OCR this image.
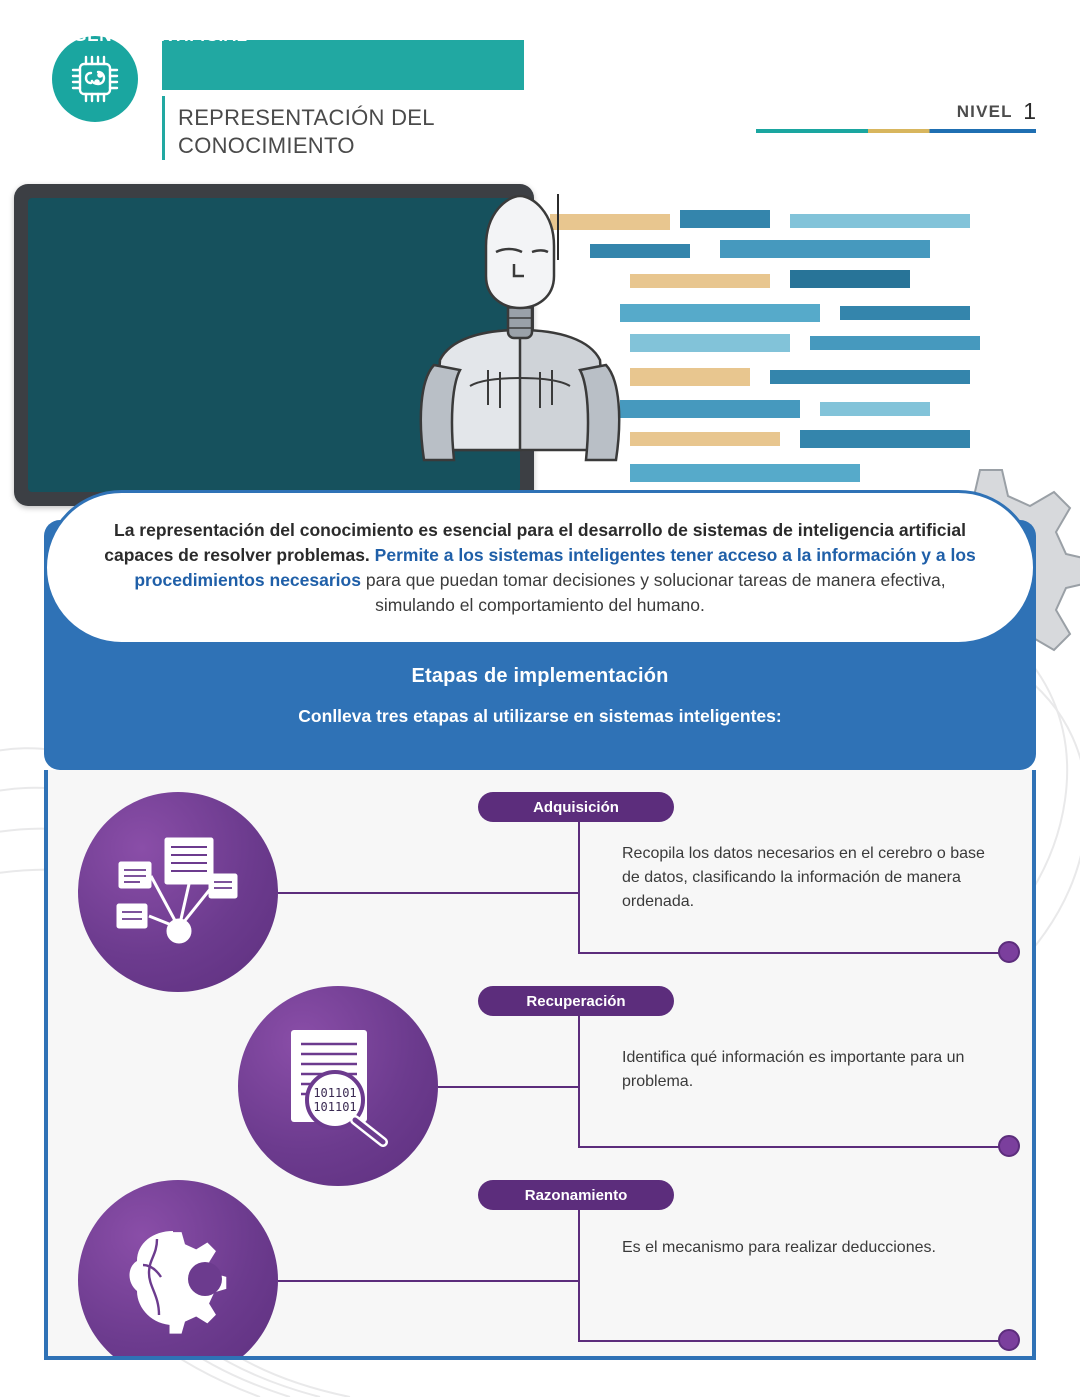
FUNDAMENTOS DE
INTELIGENCIA ARTIFICIAL
REPRESENTACIÓN DEL
CONOCIMIENTO
NIVEL 1

La representación del conocimiento es esencial para el desarrollo de sistemas de inteligencia artificial capaces de resolver problemas. Permite a los sistemas inteligentes tener acceso a la información y a los procedimientos necesarios para que puedan tomar decisiones y solucionar tareas de manera efectiva, simulando el comportamiento del humano.

Etapas de implementación

Conlleva tres etapas al utilizarse en sistemas inteligentes:

Adquisición
Recopila los datos necesarios en el cerebro o base de datos, clasificando la información de manera ordenada.
101101
101101
Recuperación
Identifica qué información es importante para un problema.
Razonamiento
Es el mecanismo para realizar deducciones.
